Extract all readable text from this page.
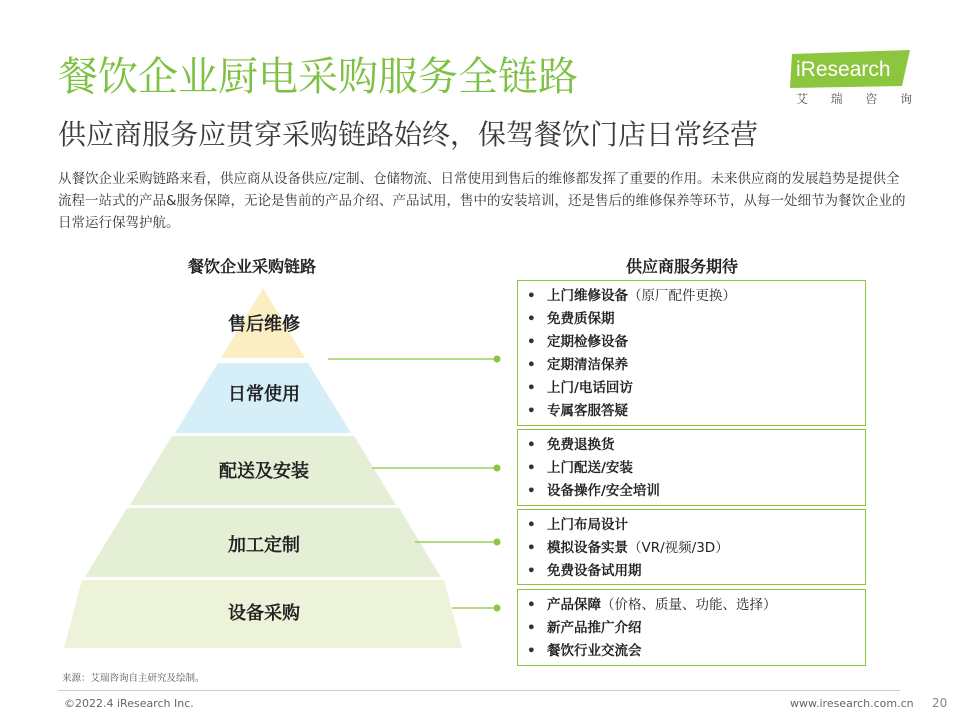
餐饮企业厨电采购服务全链路
供应商服务应贯穿采购链路始终，保驾餐饮门店日常经营
从餐饮企业采购链路来看，供应商从设备供应/定制、仓储物流、日常使用到售后的维修都发挥了重要的作用。未来供应商的发展趋势是提供全流程一站式的产品&服务保障，无论是售前的产品介绍、产品试用，售中的安装培训，还是售后的维修保养等环节，从每一处细节为餐饮企业的日常运行保驾护航。
iResearch
艾 瑞 咨 询
餐饮企业采购链路	供应商服务期待
售后维修
日常使用
配送及安装
加工定制
设备采购
• 上门维修设备（原厂配件更换）
• 免费质保期
• 定期检修设备
• 定期清洁保养
• 上门/电话回访
• 专属客服答疑
• 免费退换货
• 上门配送/安装
• 设备操作/安全培训
• 上门布局设计
• 模拟设备实景（VR/视频/3D）
• 免费设备试用期
• 产品保障（价格、质量、功能、选择）
• 新产品推广介绍
• 餐饮行业交流会
来源：艾瑞咨询自主研究及绘制。
©2022.4 iResearch Inc.	www.iresearch.com.cn 20
